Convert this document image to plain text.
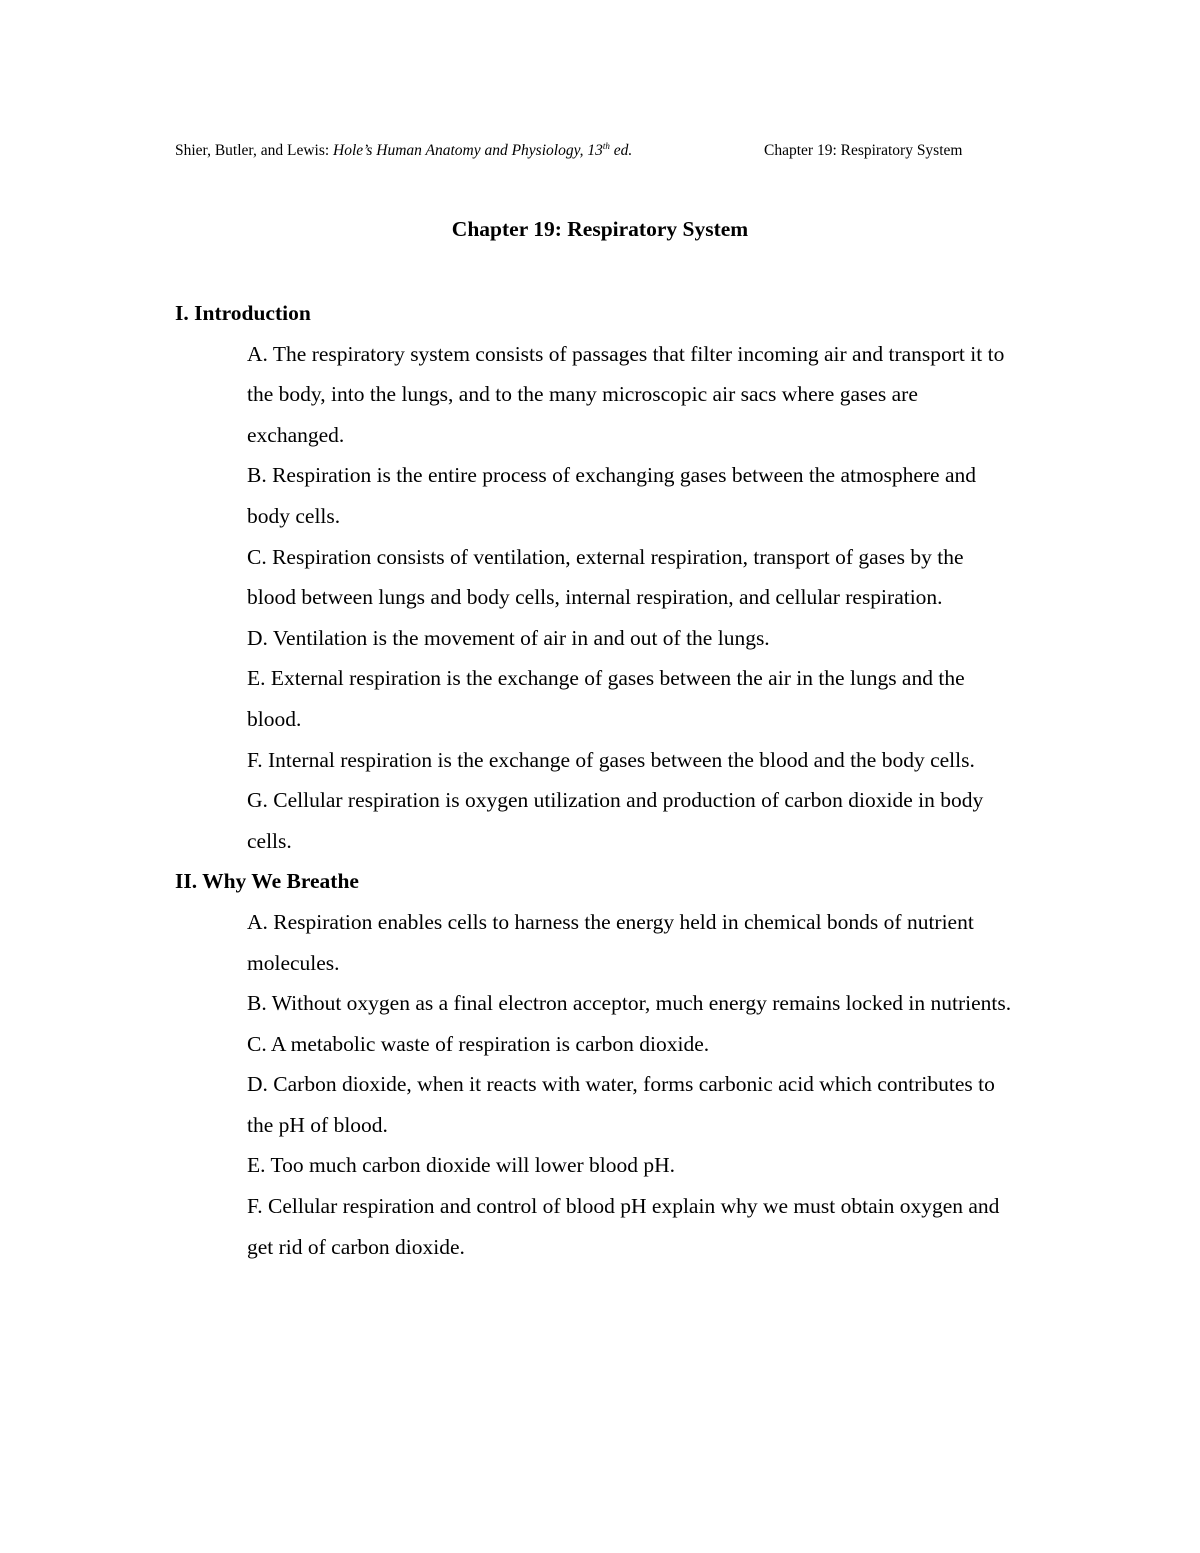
Shier, Butler, and Lewis: Hole’s Human Anatomy and Physiology, 13th ed.	Chapter 19: Respiratory System
Chapter 19: Respiratory System

I. Introduction

A. The respiratory system consists of passages that filter incoming air and transport it to the body, into the lungs, and to the many microscopic air sacs where gases are exchanged.

B. Respiration is the entire process of exchanging gases between the atmosphere and body cells.

C. Respiration consists of ventilation, external respiration, transport of gases by the blood between lungs and body cells, internal respiration, and cellular respiration.

D. Ventilation is the movement of air in and out of the lungs.

E. External respiration is the exchange of gases between the air in the lungs and the blood.

F. Internal respiration is the exchange of gases between the blood and the body cells.

G. Cellular respiration is oxygen utilization and production of carbon dioxide in body cells.

II. Why We Breathe

A. Respiration enables cells to harness the energy held in chemical bonds of nutrient molecules.

B. Without oxygen as a final electron acceptor, much energy remains locked in nutrients.

C. A metabolic waste of respiration is carbon dioxide.

D. Carbon dioxide, when it reacts with water, forms carbonic acid which contributes to the pH of blood.

E. Too much carbon dioxide will lower blood pH.

F. Cellular respiration and control of blood pH explain why we must obtain oxygen and get rid of carbon dioxide.
